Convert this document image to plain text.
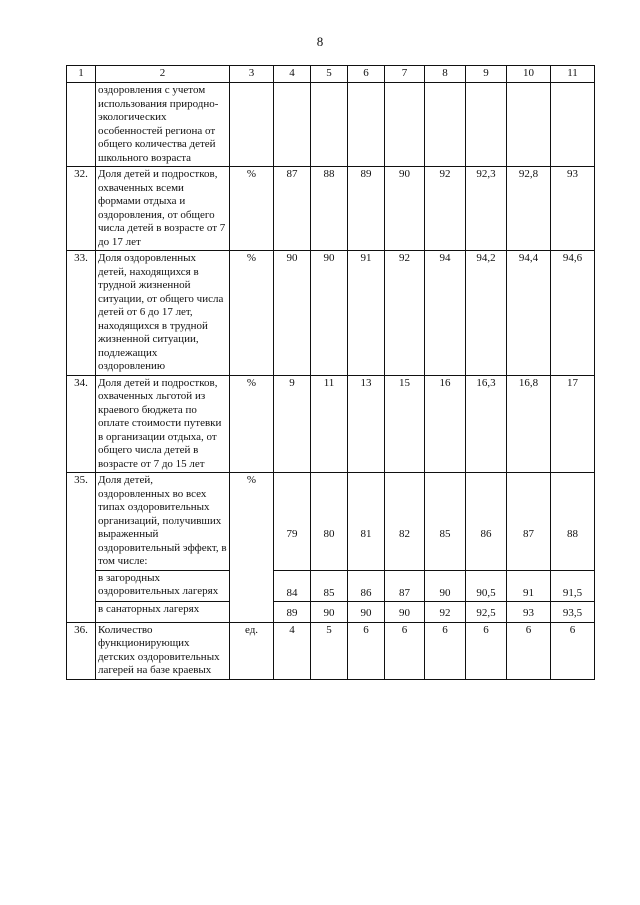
8
1	2	3	4	5	6	7	8	9	10	11
	оздоровления с учетом использования природно-экологических особенностей региона от общего количества детей школьного возраста									
32.	Доля детей и подростков, охваченных всеми формами отдыха и оздоровления, от общего числа детей в возрасте от 7 до 17 лет	%	87	88	89	90	92	92,3	92,8	93
33.	Доля оздоровленных детей, находящихся в трудной жизненной ситуации, от общего числа детей от 6 до 17 лет, находящихся в трудной жизненной ситуации, подлежащих оздоровлению	%	90	90	91	92	94	94,2	94,4	94,6
34.	Доля детей и подростков, охваченных льготой из краевого бюджета по оплате стоимости путевки в организации отдыха, от общего числа детей в возрасте от 7 до 15 лет	%	9	11	13	15	16	16,3	16,8	17
35.	Доля детей, оздоровленных во всех типах оздоровительных организаций, получивших выраженный оздоровительный эффект, в том числе:	%	79	80	81	82	85	86	87	88
	в загородных оздоровительных лагерях		84	85	86	87	90	90,5	91	91,5
	в санаторных лагерях		89	90	90	90	92	92,5	93	93,5
36.	Количество функционирующих детских оздоровительных лагерей на базе краевых	ед.	4	5	6	6	6	6	6	6
